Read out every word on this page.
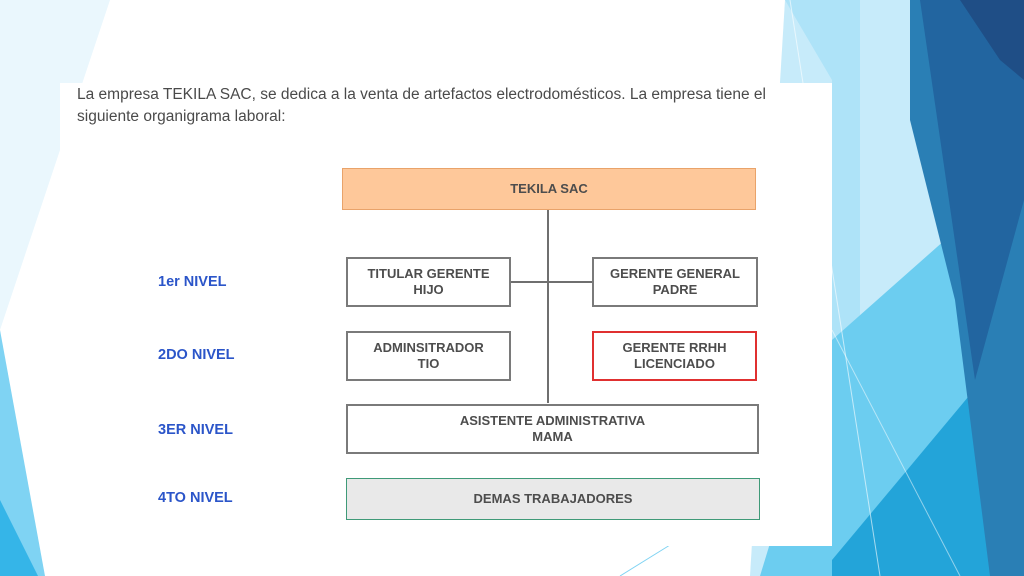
La empresa TEKILA SAC, se dedica a la venta de artefactos electrodomésticos. La empresa tiene el
siguiente organigrama laboral:
TEKILA SAC
TITULAR GERENTE
HIJO
GERENTE GENERAL
PADRE
ADMINSITRADOR
TIO
GERENTE RRHH
LICENCIADO
ASISTENTE ADMINISTRATIVA
MAMA
DEMAS TRABAJADORES
1er NIVEL
2DO NIVEL
3ER NIVEL
4TO NIVEL
